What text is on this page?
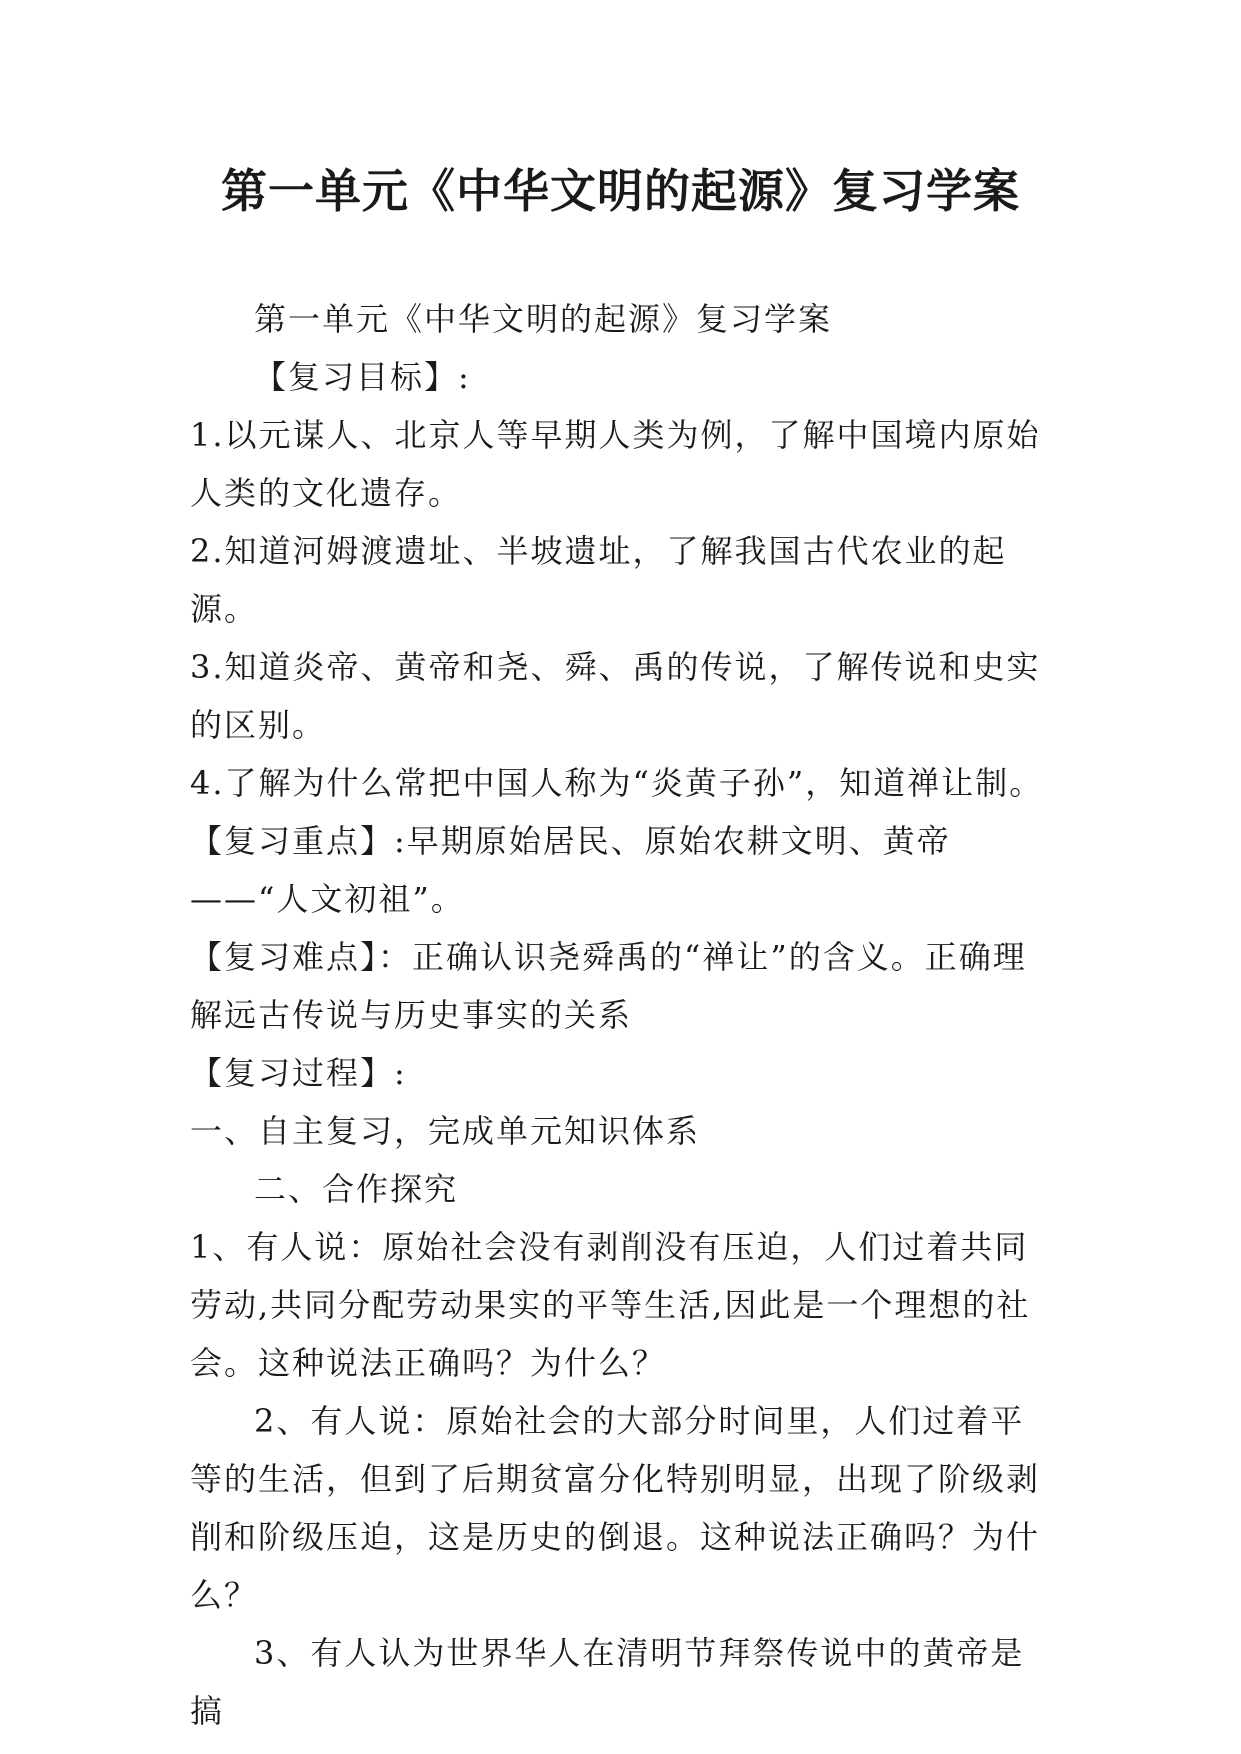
第一单元《中华文明的起源》复习学案

第一单元《中华文明的起源》复习学案

【复习目标】:

1.以元谋人、北京人等早期人类为例，了解中国境内原始人类的文化遗存。

2.知道河姆渡遗址、半坡遗址，了解我国古代农业的起源。

3.知道炎帝、黄帝和尧、舜、禹的传说，了解传说和史实的区别。

4.了解为什么常把中国人称为“炎黄子孙”，知道禅让制。

【复习重点】:早期原始居民、原始农耕文明、黄帝——“人文初祖”。

【复习难点】：正确认识尧舜禹的“禅让”的含义。正确理解远古传说与历史事实的关系

【复习过程】:

一、自主复习，完成单元知识体系

二、合作探究

1、有人说：原始社会没有剥削没有压迫，人们过着共同劳动,共同分配劳动果实的平等生活,因此是一个理想的社会。这种说法正确吗？为什么？

2、有人说：原始社会的大部分时间里，人们过着平等的生活，但到了后期贫富分化特别明显，出现了阶级剥削和阶级压迫，这是历史的倒退。这种说法正确吗？为什么？

3、有人认为世界华人在清明节拜祭传说中的黄帝是搞
